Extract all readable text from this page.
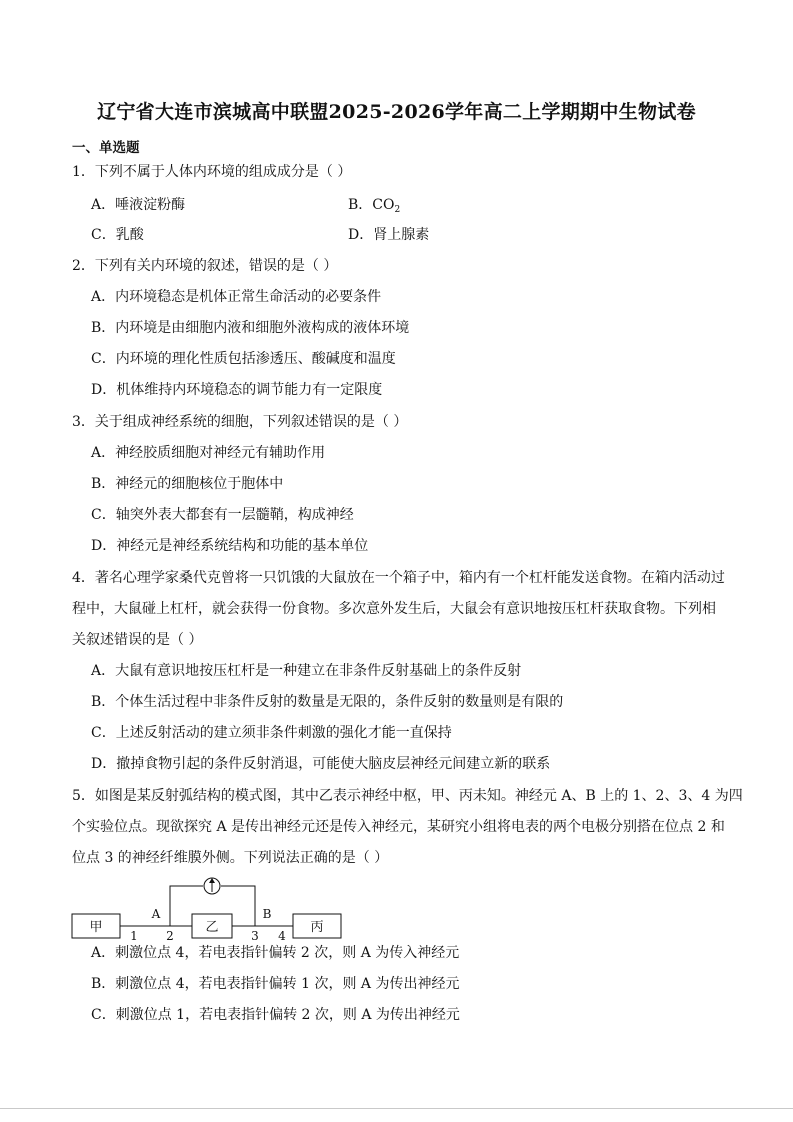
辽宁省大连市滨城高中联盟2025-2026学年高二上学期期中生物试卷
一、单选题
1．下列不属于人体内环境的组成成分是（ ）
A．唾液淀粉酶	B．$CO_2$
C．乳酸	D．肾上腺素
2．下列有关内环境的叙述，错误的是（ ）
A．内环境稳态是机体正常生命活动的必要条件
B．内环境是由细胞内液和细胞外液构成的液体环境
C．内环境的理化性质包括渗透压、酸碱度和温度
D．机体维持内环境稳态的调节能力有一定限度
3．关于组成神经系统的细胞，下列叙述错误的是（ ）
A．神经胶质细胞对神经元有辅助作用
B．神经元的细胞核位于胞体中
C．轴突外表大都套有一层髓鞘，构成神经
D．神经元是神经系统结构和功能的基本单位
4．著名心理学家桑代克曾将一只饥饿的大鼠放在一个箱子中，箱内有一个杠杆能发送食物。在箱内活动过
程中，大鼠碰上杠杆，就会获得一份食物。多次意外发生后，大鼠会有意识地按压杠杆获取食物。下列相
关叙述错误的是（ ）
A．大鼠有意识地按压杠杆是一种建立在非条件反射基础上的条件反射
B．个体生活过程中非条件反射的数量是无限的，条件反射的数量则是有限的
C．上述反射活动的建立须非条件刺激的强化才能一直保持
D．撤掉食物引起的条件反射消退，可能使大脑皮层神经元间建立新的联系
5．如图是某反射弧结构的模式图，其中乙表示神经中枢，甲、丙未知。神经元 A、B 上的 1、2、3、4 为四
个实验位点。现欲探究 A 是传出神经元还是传入神经元，某研究小组将电表的两个电极分别搭在位点 2 和
位点 3 的神经纤维膜外侧。下列说法正确的是（ ）
甲	乙	丙
A	B
1 2	3 4
A．刺激位点 4，若电表指针偏转 2 次，则 A 为传入神经元
B．刺激位点 4，若电表指针偏转 1 次，则 A 为传出神经元
C．刺激位点 1，若电表指针偏转 2 次，则 A 为传出神经元
